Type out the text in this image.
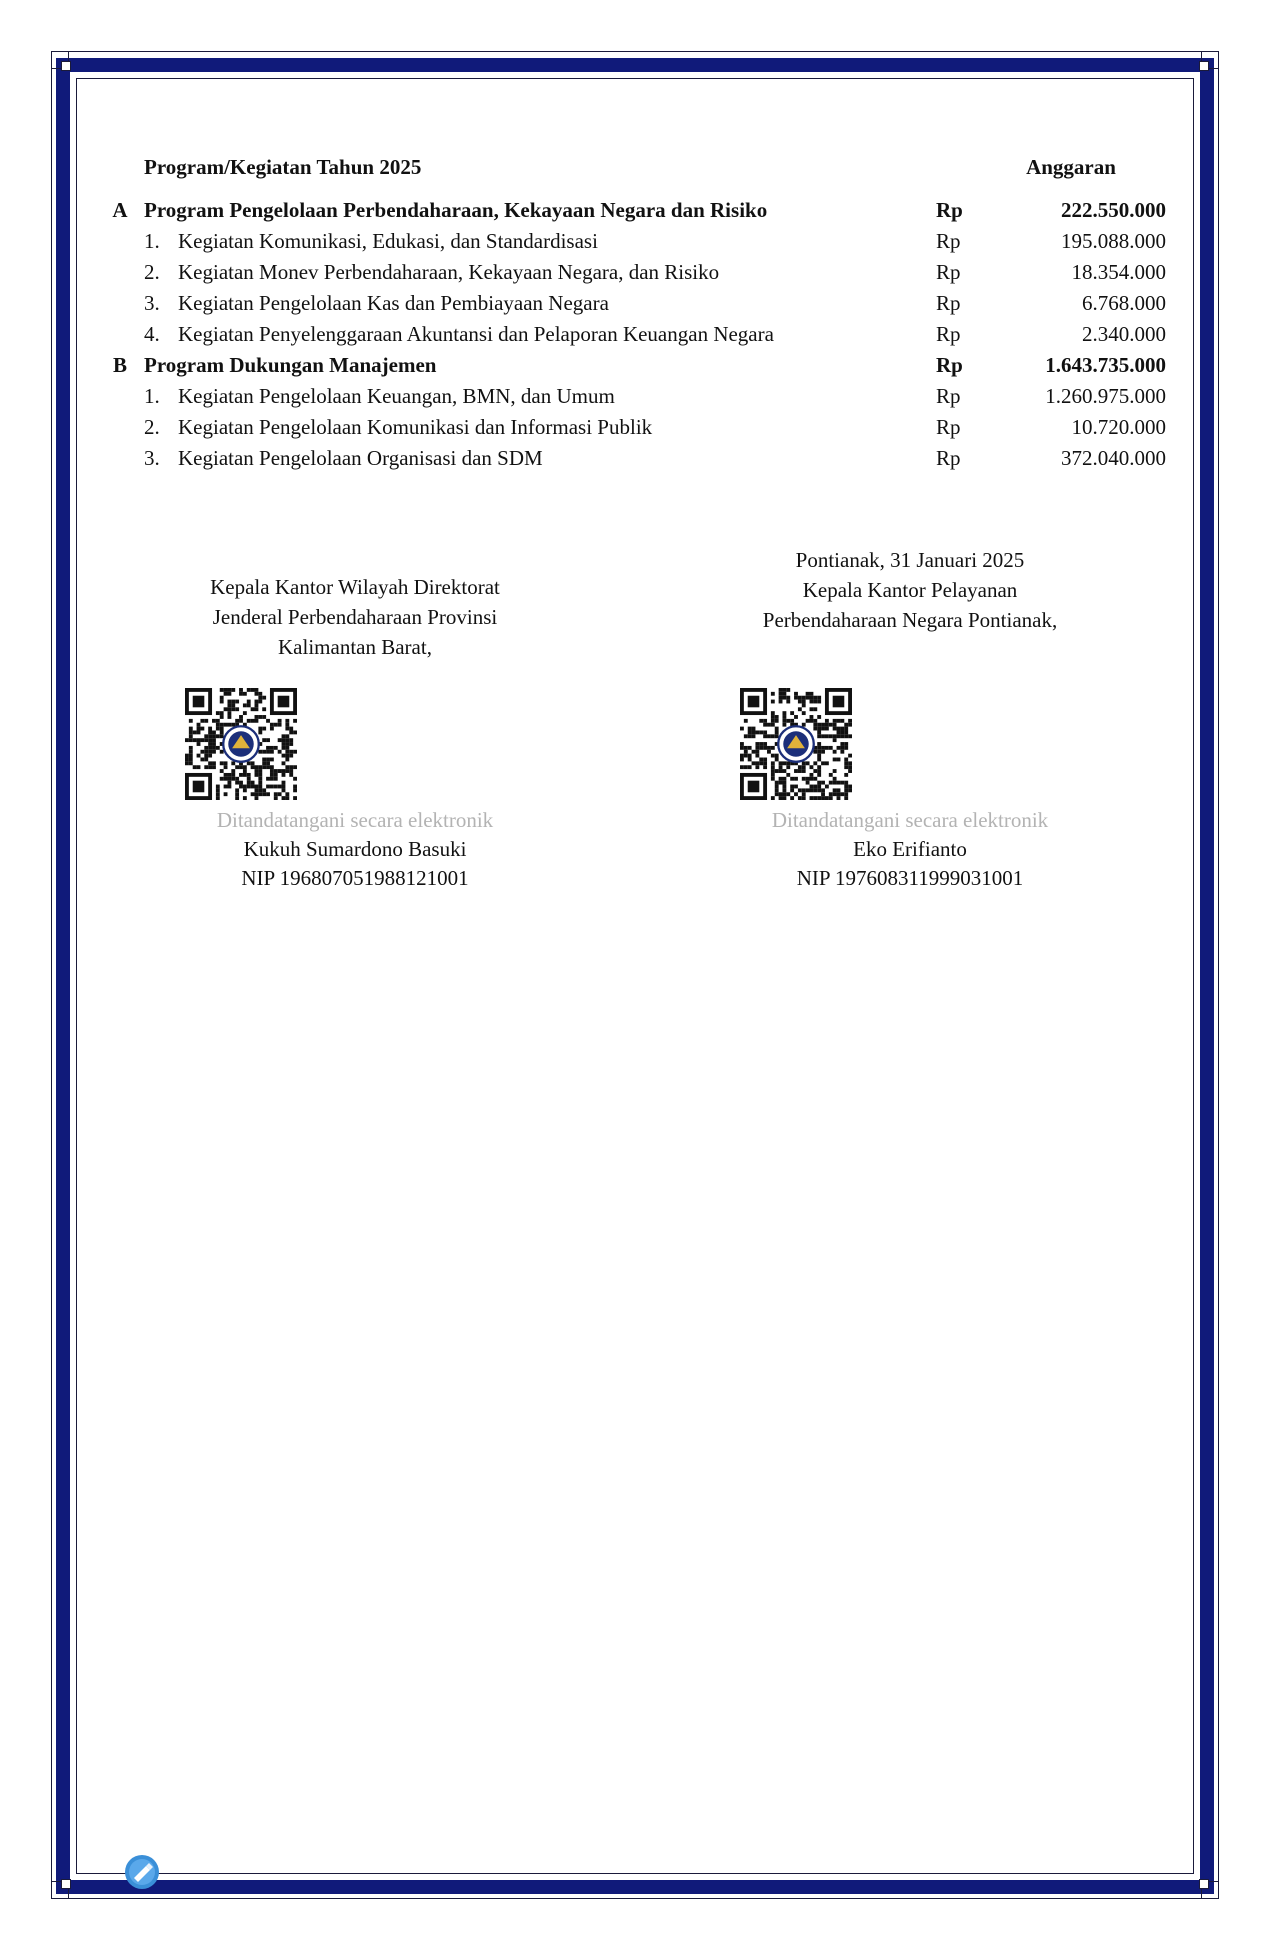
	Program/Kegiatan Tahun 2025		Anggaran	
A	Program Pengelolaan Perbendaharaan, Kekayaan Negara dan Risiko		Rp	222.550.000
	1.	Kegiatan Komunikasi, Edukasi, dan Standardisasi	Rp	195.088.000
	2.	Kegiatan Monev Perbendaharaan, Kekayaan Negara, dan Risiko	Rp	18.354.000
	3.	Kegiatan Pengelolaan Kas dan Pembiayaan Negara	Rp	6.768.000
	4.	Kegiatan Penyelenggaraan Akuntansi dan Pelaporan Keuangan Negara	Rp	2.340.000
B	Program Dukungan Manajemen		Rp	1.643.735.000
	1.	Kegiatan Pengelolaan Keuangan, BMN, dan Umum	Rp	1.260.975.000
	2.	Kegiatan Pengelolaan Komunikasi dan Informasi Publik	Rp	10.720.000
	3.	Kegiatan Pengelolaan Organisasi dan SDM	Rp	372.040.000
Kepala Kantor Wilayah Direktorat
Jenderal Perbendaharaan Provinsi
Kalimantan Barat,
Pontianak, 31 Januari 2025
Kepala Kantor Pelayanan
Perbendaharaan Negara Pontianak,
Ditandatangani secara elektronik
Kukuh Sumardono Basuki
NIP 196807051988121001
Ditandatangani secara elektronik
Eko Erifianto
NIP 197608311999031001
